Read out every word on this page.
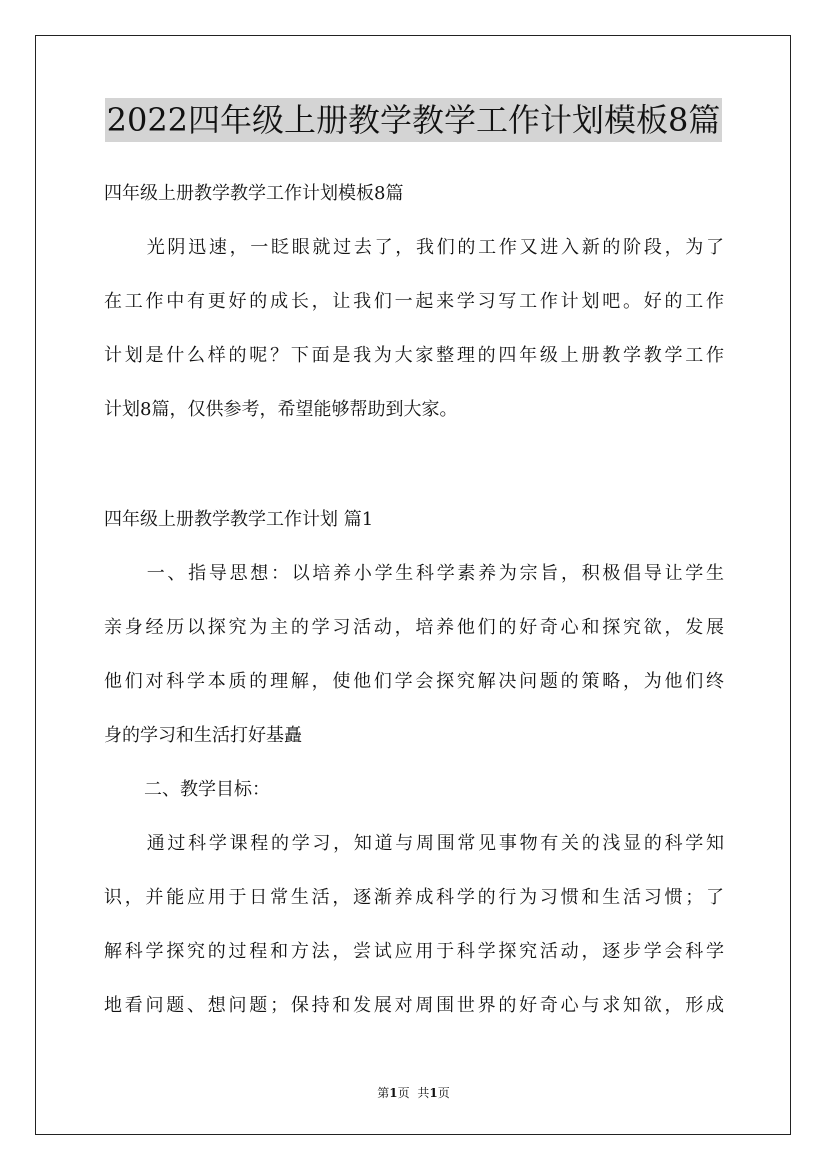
2022四年级上册教学教学工作计划模板8篇
四年级上册教学教学工作计划模板8篇
光阴迅速，一眨眼就过去了，我们的工作又进入新的阶段，为了
在工作中有更好的成长，让我们一起来学习写工作计划吧。好的工作
计划是什么样的呢？下面是我为大家整理的四年级上册教学教学工作
计划8篇，仅供参考，希望能够帮助到大家。
四年级上册教学教学工作计划 篇1
一、指导思想：以培养小学生科学素养为宗旨，积极倡导让学生
亲身经历以探究为主的学习活动，培养他们的好奇心和探究欲，发展
他们对科学本质的理解，使他们学会探究解决问题的策略，为他们终
身的学习和生活打好基矗
二、教学目标：
通过科学课程的学习，知道与周围常见事物有关的浅显的科学知
识，并能应用于日常生活，逐渐养成科学的行为习惯和生活习惯；了
解科学探究的过程和方法，尝试应用于科学探究活动，逐步学会科学
地看问题、想问题；保持和发展对周围世界的好奇心与求知欲，形成
第1页 共1页
